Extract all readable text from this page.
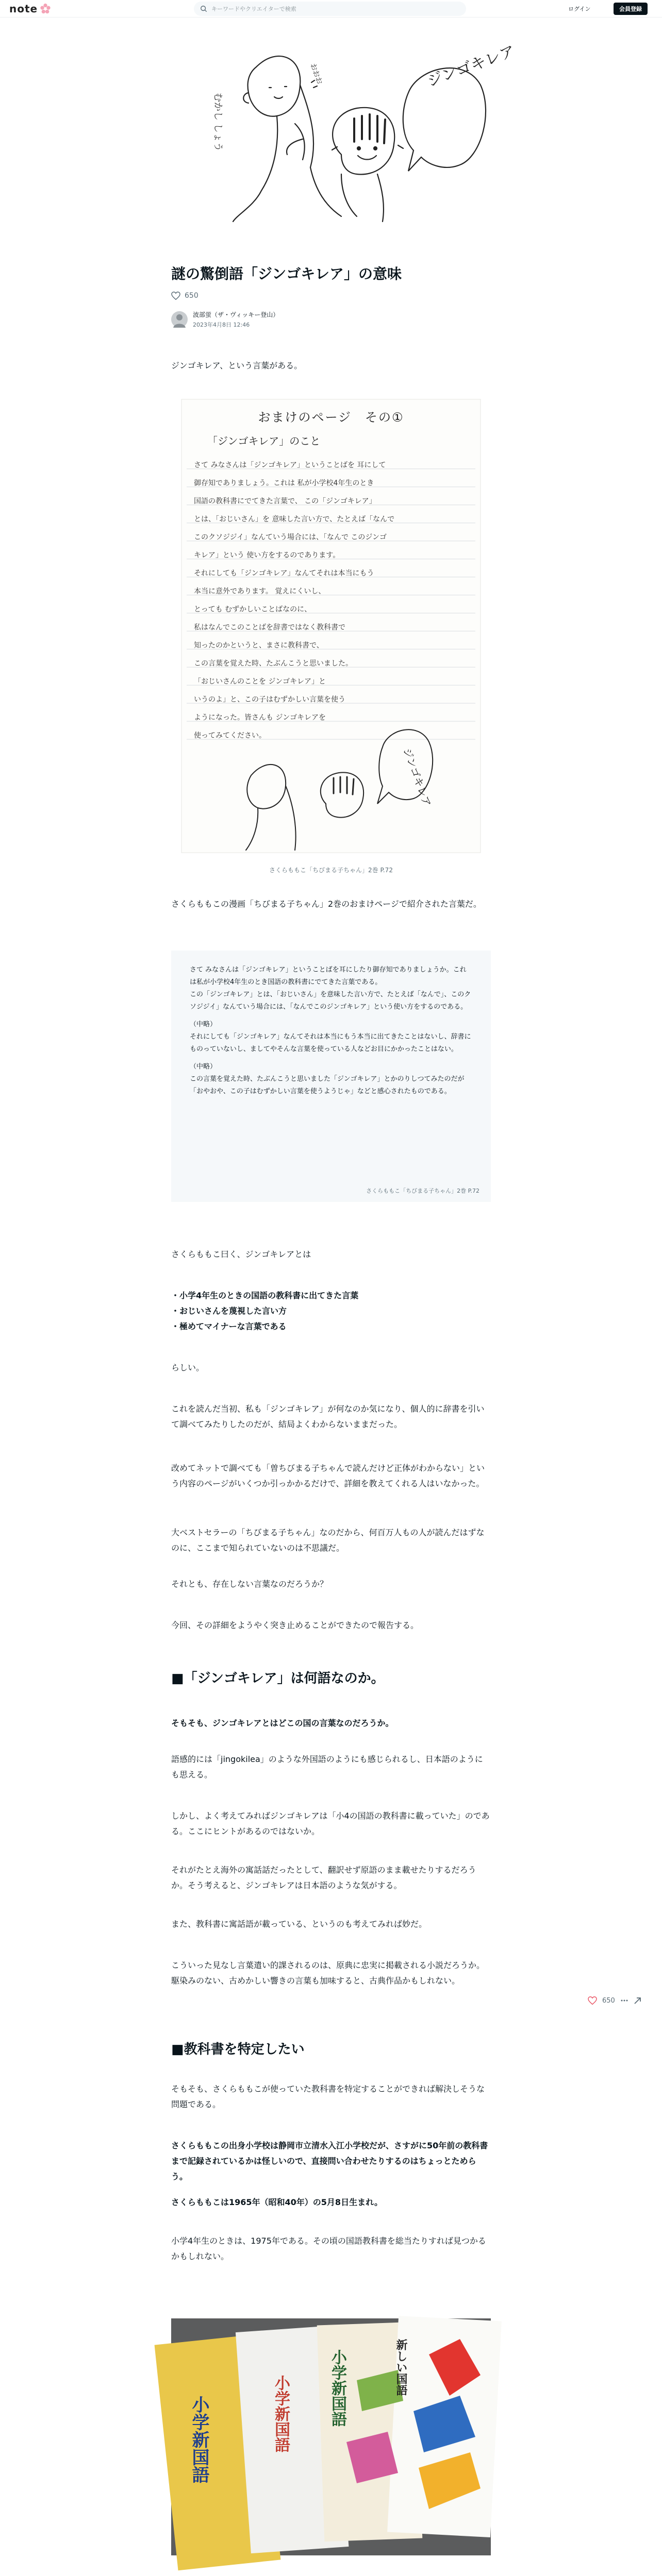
note
キーワードやクリエイターで検索	ログイン	会員登録
ジンゴキレア
おおお
むかし しょう
謎の驚倒語「ジンゴキレア」の意味
650
波部蛍（ザ・ヴィッキー登山）
2023年4月8日 12:46

ジンゴキレア、という言葉がある。

ジンゴキレア
おまけのページ　その①
「ジンゴキレア」のこと
さて みなさんは「ジンゴキレア」ということばを 耳にして
御存知でありましょう。これは 私が小学校4年生のとき
国語の教科書にでてきた言葉で、 この「ジンゴキレア」
とは、「おじいさん」を 意味した言い方で、たとえば「なんで
このクソジジイ」なんていう場合には、「なんで このジンゴ
キレア」という 使い方をするのであります。
それにしても「ジンゴキレア」なんてそれは本当にもう
本当に意外であります。 覚えにくいし、
とっても むずかしいことばなのに、
私はなんでこのことばを辞書ではなく教科書で
知ったのかというと、まさに教科書で、
この言葉を覚えた時、たぶんこうと思いました。
「おじいさんのことを ジンゴキレア」と
いうのよ」と、この子はむずかしい言葉を使う
ようになった。皆さんも ジンゴキレアを
使ってみてください。
さくらももこ「ちびまる子ちゃん」2巻 P.72

さくらももこの漫画「ちびまる子ちゃん」2巻のおまけページで紹介された言葉だ。

さて みなさんは「ジンゴキレア」ということばを耳にしたり御存知でありましょうか。これは私が小学校4年生のとき国語の教科書にでてきた言葉である。

この「ジンゴキレア」とは、「おじいさん」を意味した言い方で、たとえば「なんで」、このクソジジイ」なんていう場合には、「なんでこのジンゴキレア」という使い方をするのである。

（中略）

それにしても「ジンゴキレア」なんてそれは本当にもう本当に出てきたことはないし、辞書にものっていないし、ましてやそんな言葉を使っている人などお目にかかったことはない。

（中略）

この言葉を覚えた時、たぶんこうと思いました「ジンゴキレア」とかのりしつてみたのだが「おやおや、この子はむずかしい言葉を使うようじゃ」などと感心されたものである。

さくらももこ「ちびまる子ちゃん」2巻 P.72

さくらももこ曰く、ジンゴキレアとは

・小学4年生のときの国語の教科書に出てきた言葉
・おじいさんを蔑視した言い方
・極めてマイナーな言葉である

らしい。

これを読んだ当初、私も「ジンゴキレア」が何なのか気になり、個人的に辞書を引いて調べてみたりしたのだが、結局よくわからないままだった。

改めてネットで調べても「曽ちびまる子ちゃんで読んだけど正体がわからない」という内容のページがいくつか引っかかるだけで、詳細を教えてくれる人はいなかった。

大ベストセラーの「ちびまる子ちゃん」なのだから、何百万人もの人が読んだはずなのに、ここまで知られていないのは不思議だ。

それとも、存在しない言葉なのだろうか？

今回、その詳細をようやく突き止めることができたので報告する。

■「ジンゴキレア」は何語なのか。

そもそも、ジンゴキレアとはどこの国の言葉なのだろうか。

語感的には「jingokilea」のような外国語のようにも感じられるし、日本語のようにも思える。

しかし、よく考えてみればジンゴキレアは「小4の国語の教科書に載っていた」のである。ここにヒントがあるのではないか。

それがたとえ海外の寓話話だったとして、翻訳せず原語のまま載せたりするだろうか。そう考えると、ジンゴキレアは日本語のような気がする。

また、教科書に寓話語が載っている、というのも考えてみれば妙だ。

こういった見なし言葉遣い的課されるのは、原典に忠実に掲載される小説だろうか。駆染みのない、古めかしい響きの言葉も加味すると、古典作品かもしれない。

650
■教科書を特定したい

そもそも、さくらももこが使っていた教科書を特定することができれば解決しそうな問題である。

さくらももこの出身小学校は静岡市立清水入江小学校だが、さすがに50年前の教科書まで記録されているかは怪しいので、直接問い合わせたりするのはちょっとためらう。

さくらももこは1965年（昭和40年）の5月8日生まれ。

小学4年生のときは、1975年である。その頃の国語教科書を総当たりすれば見つかるかもしれない。

小学新国語	小学新国語	小学新国語	新しい国語
